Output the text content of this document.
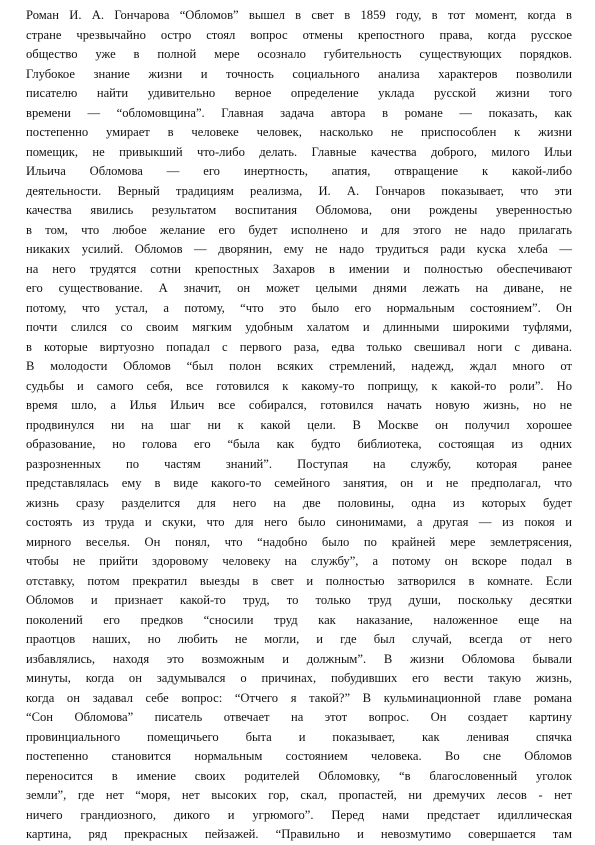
Роман И. А. Гончарова “Обломов” вышел в свет в 1859 году, в тот момент, когда в
стране чрезвычайно остро стоял вопрос отмены крепостного права, когда русское
общество уже в полной мере осознало губительность существующих порядков.
Глубокое знание жизни и точность социального анализа характеров позволили
писателю найти удивительно верное определение уклада русской жизни того
времени — “обломовщина”. Главная задача автора в романе — показать, как
постепенно умирает в человеке человек, насколько не приспособлен к жизни
помещик, не привыкший что-либо делать. Главные качества доброго, милого Ильи
Ильича Обломова — его инертность, апатия, отвращение к какой-либо
деятельности. Верный традициям реализма, И. А. Гончаров показывает, что эти
качества явились результатом воспитания Обломова, они рождены уверенностью
в том, что любое желание его будет исполнено и для этого не надо прилагать
никаких усилий. Обломов — дворянин, ему не надо трудиться ради куска хлеба —
на него трудятся сотни крепостных Захаров в имении и полностью обеспечивают
его существование. А значит, он может целыми днями лежать на диване, не
потому, что устал, а потому, “что это было его нормальным состоянием”. Он
почти слился со своим мягким удобным халатом и длинными широкими туфлями,
в которые виртуозно попадал с первого раза, едва только свешивал ноги с дивана.
В молодости Обломов “был полон всяких стремлений, надежд, ждал много от
судьбы и самого себя, все готовился к какому-то поприщу, к какой-то роли”. Но
время шло, а Илья Ильич все собирался, готовился начать новую жизнь, но не
продвинулся ни на шаг ни к какой цели. В Москве он получил хорошее
образование, но голова его “была как будто библиотека, состоящая из одних
разрозненных по частям знаний”. Поступая на службу, которая ранее
представлялась ему в виде какого-то семейного занятия, он и не предполагал, что
жизнь сразу разделится для него на две половины, одна из которых будет
состоять из труда и скуки, что для него было синонимами, а другая — из покоя и
мирного веселья. Он понял, что “надобно было по крайней мере землетрясения,
чтобы не прийти здоровому человеку на службу”, а потому он вскоре подал в
отставку, потом прекратил выезды в свет и полностью затворился в комнате. Если
Обломов и признает какой-то труд, то только труд души, поскольку десятки
поколений его предков “сносили труд как наказание, наложенное еще на
праотцов наших, но любить не могли, и где был случай, всегда от него
избавлялись, находя это возможным и должным”. В жизни Обломова бывали
минуты, когда он задумывался о причинах, побудивших его вести такую жизнь,
когда он задавал себе вопрос: “Отчего я такой?” В кульминационной главе романа
“Сон Обломова” писатель отвечает на этот вопрос. Он создает картину
провинциального помещичьего быта и показывает, как ленивая спячка
постепенно становится нормальным состоянием человека. Во сне Обломов
переносится в имение своих родителей Обломовку, “в благословенный уголок
земли”, где нет “моря, нет высоких гор, скал, пропастей, ни дремучих лесов - нет
ничего грандиозного, дикого и угрюмого”. Перед нами предстает идиллическая
картина, ряд прекрасных пейзажей. “Правильно и невозмутимо совершается там
